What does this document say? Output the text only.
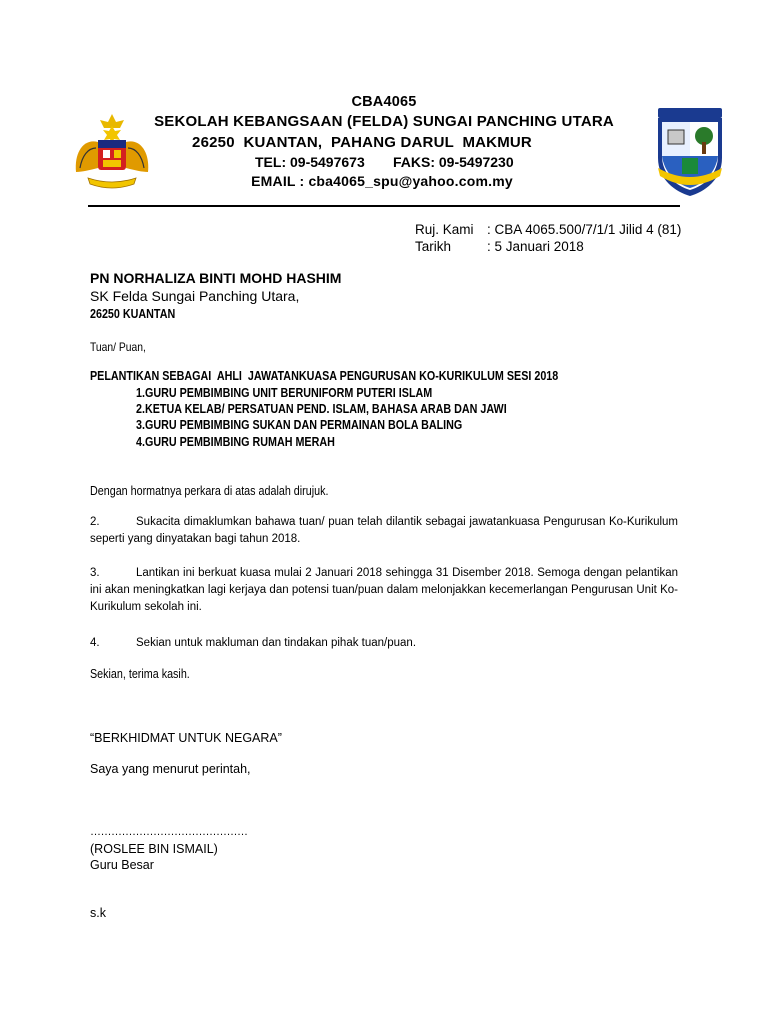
CBA4065
SEKOLAH KEBANGSAAN (FELDA) SUNGAI PANCHING UTARA
26250  KUANTAN,  PAHANG DARUL  MAKMUR
TEL: 09-5497673 FAKS: 09-5497230
EMAIL : cba4065_spu@yahoo.com.my
Ruj. Kami : CBA 4065.500/7/1/1 Jilid 4 (81)
Tarikh	: 5 Januari 2018
PN NORHALIZA BINTI MOHD HASHIM
SK Felda Sungai Panching Utara,
26250 KUANTAN
Tuan/ Puan,
PELANTIKAN SEBAGAI  AHLI  JAWATANKUASA PENGURUSAN KO-KURIKULUM SESI 2018
1.GURU PEMBIMBING UNIT BERUNIFORM PUTERI ISLAM
2.KETUA KELAB/ PERSATUAN PEND. ISLAM, BAHASA ARAB DAN JAWI
3.GURU PEMBIMBING SUKAN DAN PERMAINAN BOLA BALING
4.GURU PEMBIMBING RUMAH MERAH
Dengan hormatnya perkara di atas adalah dirujuk.
2.	Sukacita dimaklumkan bahawa tuan/ puan telah dilantik sebagai jawatankuasa Pengurusan Ko-Kurikulum seperti yang dinyatakan bagi tahun 2018.
3.	Lantikan ini berkuat kuasa mulai 2 Januari 2018 sehingga 31 Disember 2018. Semoga dengan pelantikan ini akan meningkatkan lagi kerjaya dan potensi tuan/puan dalam melonjakkan kecemerlangan Pengurusan Unit Ko-Kurikulum sekolah ini.
4.	Sekian untuk makluman dan tindakan pihak tuan/puan.
Sekian, terima kasih.
“BERKHIDMAT UNTUK NEGARA”
Saya yang menurut perintah,
………………………………………
(ROSLEE BIN ISMAIL)
Guru Besar
s.k
